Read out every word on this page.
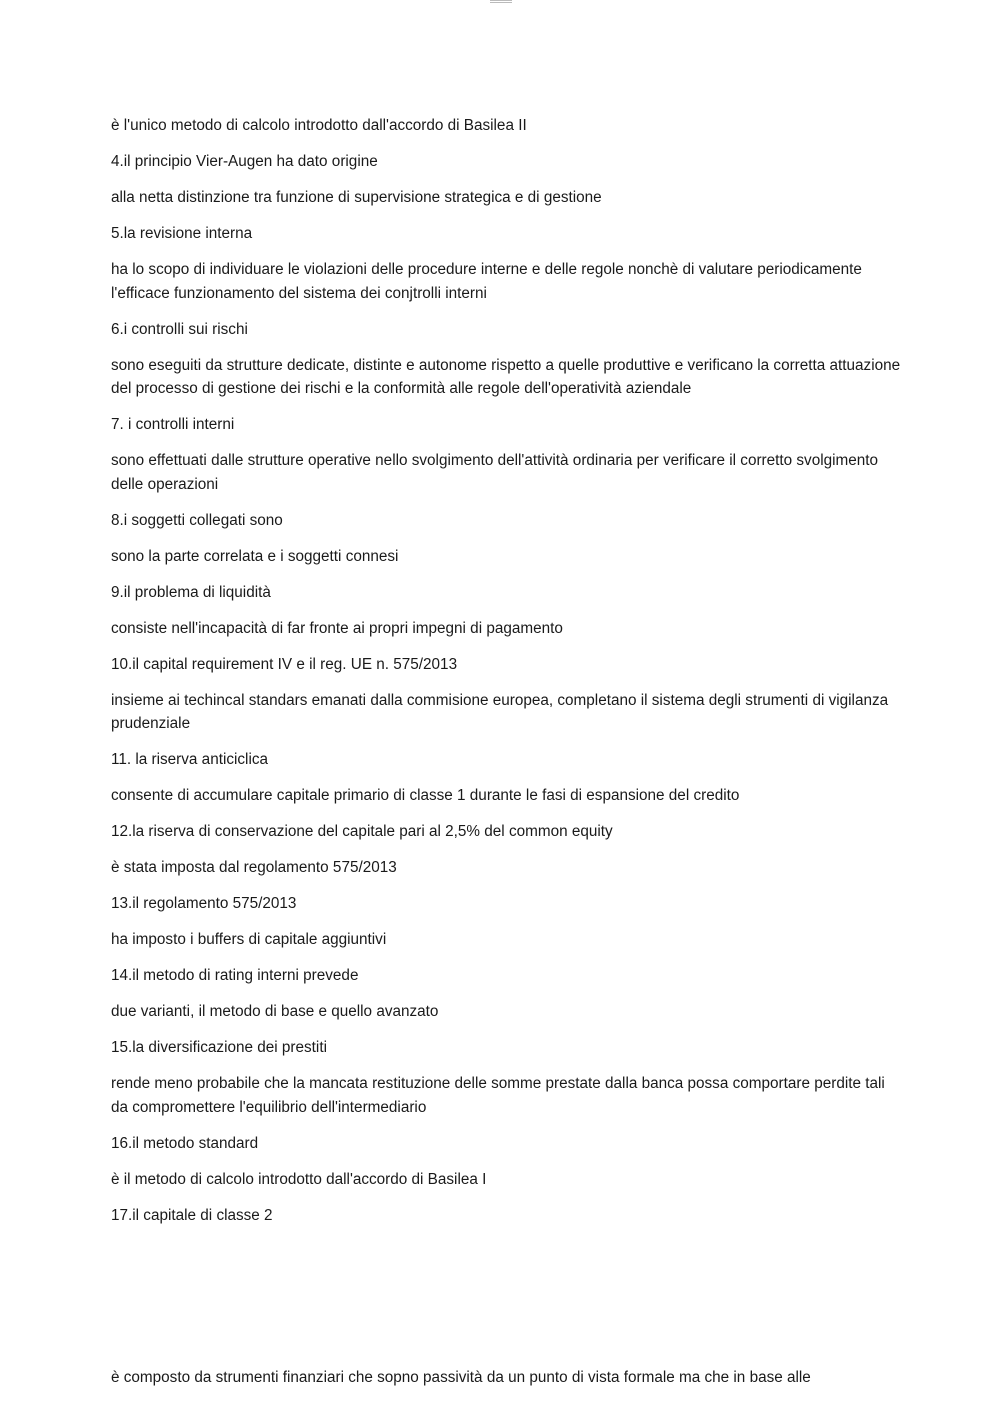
è l'unico metodo di calcolo introdotto dall'accordo di Basilea II

4.il principio Vier-Augen ha dato origine

alla netta distinzione tra funzione di supervisione strategica e di gestione

5.la revisione interna

ha lo scopo di individuare le violazioni delle procedure interne e delle regole nonchè di valutare periodicamente l'efficace funzionamento del sistema dei conjtrolli interni

6.i controlli sui rischi

sono eseguiti da strutture dedicate, distinte e autonome rispetto a quelle produttive e verificano la corretta attuazione del processo di gestione dei rischi e la conformità alle regole dell'operatività aziendale

7. i controlli interni

sono effettuati dalle strutture operative nello svolgimento dell'attività ordinaria per verificare il corretto svolgimento delle operazioni

8.i soggetti collegati sono

sono la parte correlata e i soggetti connesi

9.il problema di liquidità

consiste nell'incapacità di far fronte ai propri impegni di pagamento

10.il capital requirement IV e il reg. UE n. 575/2013

insieme ai techincal standars emanati dalla commisione europea, completano il sistema degli strumenti di vigilanza prudenziale

11. la riserva anticiclica

consente di accumulare capitale primario di classe 1 durante le fasi di espansione del credito

12.la riserva di conservazione del capitale pari al 2,5% del common equity

è stata imposta dal regolamento 575/2013

13.il regolamento 575/2013

ha imposto i buffers di capitale aggiuntivi

14.il metodo di rating interni prevede

due varianti, il metodo di base e quello avanzato

15.la diversificazione dei prestiti

rende meno probabile che la mancata restituzione delle somme prestate dalla banca possa comportare perdite tali da compromettere l'equilibrio dell'intermediario

16.il metodo standard

è il metodo di calcolo introdotto dall'accordo di Basilea I

17.il capitale di classe 2

è composto da strumenti finanziari che sopno passività da un punto di vista formale ma che in base alle
